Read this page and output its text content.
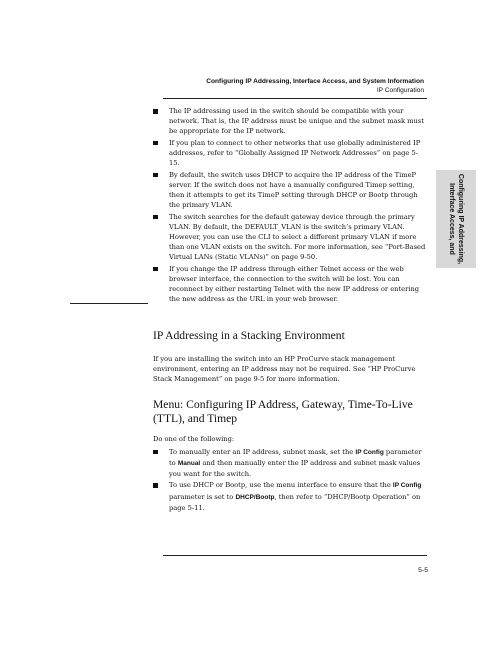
Configuring IP Addressing, Interface Access, and System Information
IP Configuration
Configuring IP Addressing,
Interface Access, and
The IP addressing used in the switch should be compatible with your network. That is, the IP address must be unique and the subnet mask must be appropriate for the IP network.
If you plan to connect to other networks that use globally administered IP addresses, refer to “Globally Assigned IP Network Addresses” on page 5-15.
By default, the switch uses DHCP to acquire the IP address of the TimeP server. If the switch does not have a manually configured Timep setting, then it attempts to get its TimeP setting through DHCP or Bootp through the primary VLAN.
The switch searches for the default gateway device through the primary VLAN. By default, the DEFAULT_VLAN is the switch’s primary VLAN. However, you can use the CLI to select a different primary VLAN if more than one VLAN exists on the switch. For more information, see “Port-Based Virtual LANs (Static VLANs)” on page 9-50.
If you change the IP address through either Telnet access or the web browser interface, the connection to the switch will be lost. You can reconnect by either restarting Telnet with the new IP address or entering the new address as the URL in your web browser.
IP Addressing in a Stacking Environment

If you are installing the switch into an HP ProCurve stack management environment, entering an IP address may not be required. See “HP ProCurve Stack Management” on page 9-5 for more information.

Menu: Configuring IP Address, Gateway, Time-To-Live (TTL), and Timep

Do one of the following:

To manually enter an IP address, subnet mask, set the IP Config parameter to Manual and then manually enter the IP address and subnet mask values you want for the switch.
To use DHCP or Bootp, use the menu interface to ensure that the IP Config parameter is set to DHCP/Bootp, then refer to “DHCP/Bootp Operation” on page 5-11.
5-5
